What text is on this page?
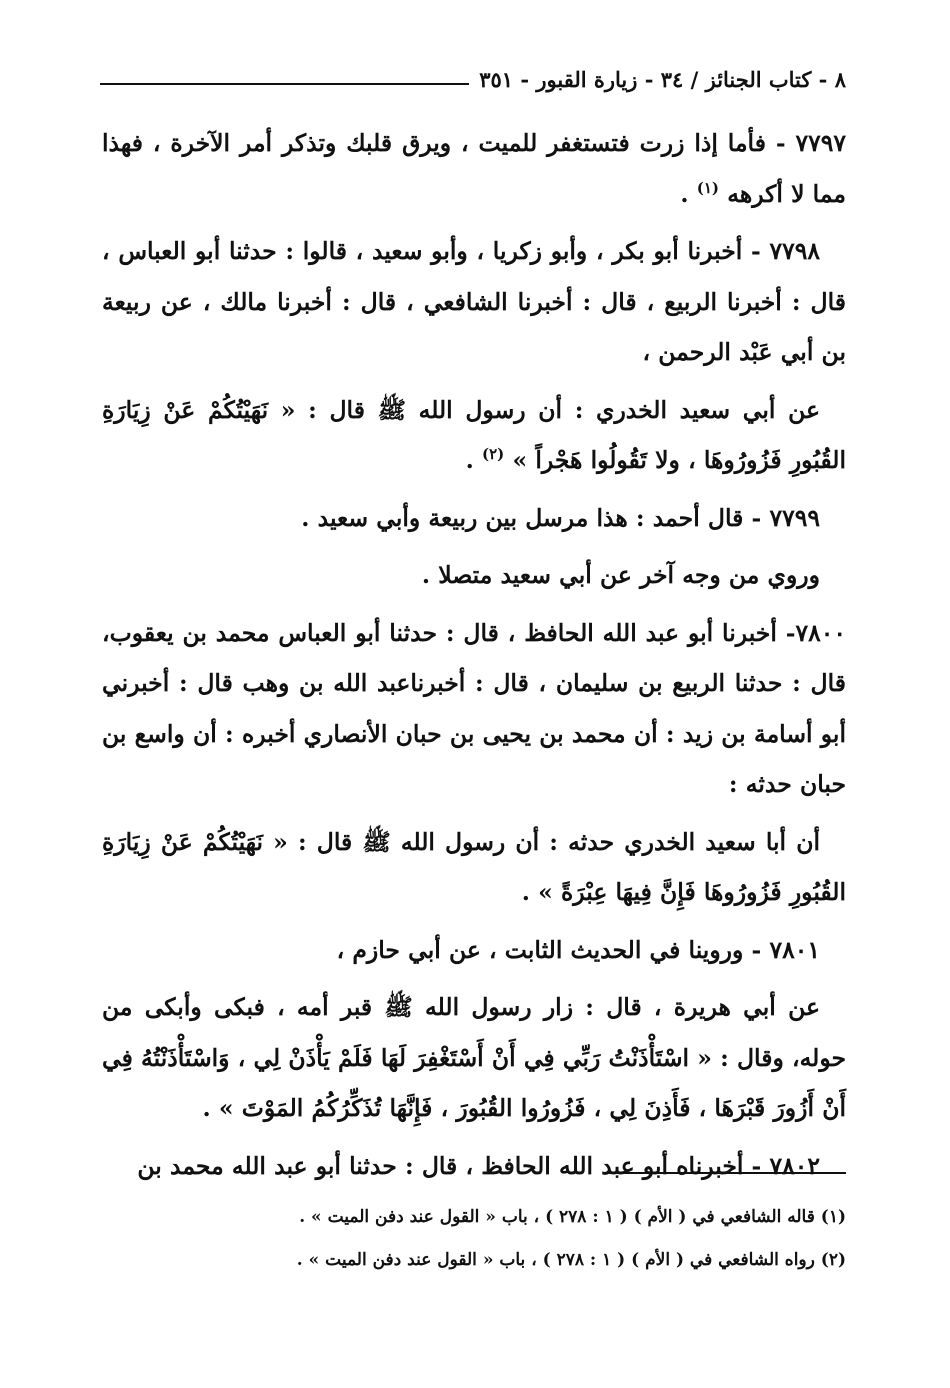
٨ - كتاب الجنائز / ٣٤ - زيارة القبور - ٣٥١

٧٧٩٧ - فأما إذا زرت فتستغفر للميت ، ويرق قلبك وتذكر أمر الآخرة ، فهذا مما لا أكرهه $^{(١)}$ .

٧٧٩٨ - أخبرنا أبو بكر ، وأبو زكريا ، وأبو سعيد ، قالوا : حدثنا أبو العباس ، قال : أخبرنا الربيع ، قال : أخبرنا الشافعي ، قال : أخبرنا مالك ، عن ربيعة بن أبي عَبْد الرحمن ،

عن أبي سعيد الخدري : أن رسول الله ﷺ قال : « نَهَيْتُكُمْ عَنْ زِيَارَةِ القُبُورِ فَزُورُوهَا ، ولا تَقُولُوا هَجْراً » $^{(٢)}$ .

٧٧٩٩ - قال أحمد : هذا مرسل بين ربيعة وأبي سعيد .

وروي من وجه آخر عن أبي سعيد متصلا .

٧٨٠٠- أخبرنا أبو عبد الله الحافظ ، قال : حدثنا أبو العباس محمد بن يعقوب، قال : حدثنا الربيع بن سليمان ، قال : أخبرناعبد الله بن وهب قال : أخبرني أبو أسامة بن زيد : أن محمد بن يحيى بن حبان الأنصاري أخبره : أن واسع بن حبان حدثه :

أن أبا سعيد الخدري حدثه : أن رسول الله ﷺ قال : « نَهَيْتُكُمْ عَنْ زِيَارَةِ القُبُورِ فَزُورُوهَا فَإِنَّ فِيهَا عِبْرَةً » .

٧٨٠١ - وروينا في الحديث الثابت ، عن أبي حازم ،

عن أبي هريرة ، قال : زار رسول الله ﷺ قبر أمه ، فبكى وأبكى من حوله، وقال : « اسْتَأْذَنْتُ رَبِّي فِي أَنْ أَسْتَغْفِرَ لَهَا فَلَمْ يَأْذَنْ لِي ، وَاسْتَأْذَنْتُهُ فِي أَنْ أَزُورَ قَبْرَهَا ، فَأَذِنَ لِي ، فَزُورُوا القُبُورَ ، فَإِنَّهَا تُذَكِّرُكُمُ المَوْتَ » .

٧٨٠٢ - أخبرناه أبو عبد الله الحافظ ، قال : حدثنا أبو عبد الله محمد بن

(١) قاله الشافعي في ( الأم ) ( ١ : ٢٧٨ ) ، باب « القول عند دفن الميت » .

(٢) رواه الشافعي في ( الأم ) ( ١ : ٢٧٨ ) ، باب « القول عند دفن الميت » .
